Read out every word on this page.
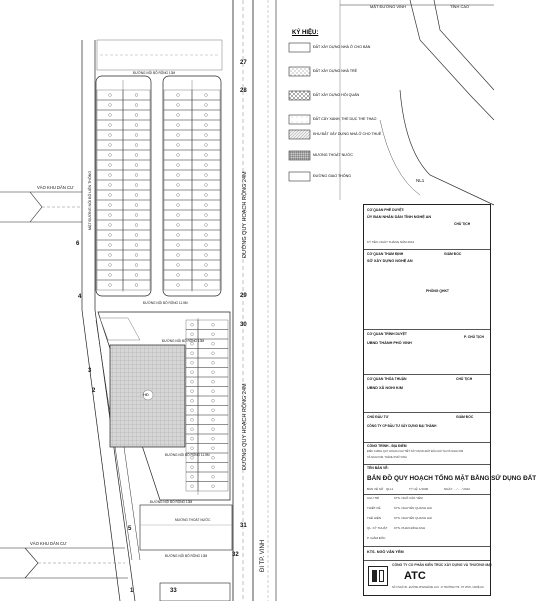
ĐƯỜNG QUY HOẠCH RỘNG 24M
ĐƯỜNG QUY HOẠCH RỘNG 24M
MẶT ĐƯỜNG NỘI BỘ LIÊN THÔNG
VÀO KHU DÂN CƯ
VÀO KHU DÂN CƯ	ĐI TP. VINH
MẶT ĐƯỜNG VINH	TỈNH CAO
ĐƯỜNG NỘI BỘ RỘNG 13M
ĐƯỜNG NỘI BỘ RỘNG 11.5M
ĐƯỜNG NỘI BỘ RỘNG 13M
ĐƯỜNG NỘI BỘ RỘNG 11.5M
ĐƯỜNG NỘI BỘ RỘNG 13M
MƯƠNG THOÁT NƯỚC
ĐƯỜNG NỘI BỘ RỘNG 13M
NL1
HĐ
27
28
29
30
31
32
33
1
2
3
4
5
6
KÝ HIỆU:
ĐẤT XÂY DỰNG NHÀ Ở CHO BÁN
ĐẤT XÂY DỰNG NHÀ TRẺ
ĐẤT XÂY DỰNG HỘI QUÁN
ĐẤT CÂY XANH, THỂ DỤC THỂ THAO
KHU ĐẤT XÂY DỰNG NHÀ Ở CHO THUÊ
MƯƠNG THOÁT NƯỚC
ĐƯỜNG GIAO THÔNG
CƠ QUAN PHÊ DUYỆT:
ỦY BAN NHÂN DÂN TỈNH NGHỆ AN
CHỦ TỊCH
KÝ TÊN, NGÀY THÁNG NĂM 2012
CƠ QUAN THẨM ĐỊNH
SỞ XÂY DỰNG NGHỆ AN
GIÁM ĐỐC
PHÒNG QHKT
CƠ QUAN TRÌNH DUYỆT
UBND THÀNH PHỐ VINH
P. CHỦ TỊCH
CƠ QUAN THỎA THUẬN
UBND XÃ NGHI KIM
CHỦ TỊCH
CHỦ ĐẦU TƯ
CÔNG TY CP ĐẦU TƯ XÂY DỰNG ĐẠI THÀNH
GIÁM ĐỐC
CÔNG TRÌNH - ĐỊA ĐIỂM
ĐIỀU CHỈNH QUY HOẠCH CHI TIẾT XÂY DỰNG ĐẤT ĐẤU GIÁ TẠI XÃ NGHI KIM
XÃ NGHI KIM, THÀNH PHỐ VINH
TÊN BẢN VẼ:
BẢN ĐỒ QUY HOẠCH TỔNG MẶT BẰNG SỬ DỤNG ĐẤT
BẢN VẼ SỐ QH-1	TỶ LỆ: 1/1000	NGÀY ... / ... / 2012
CHỦ TRÌ	KTS. NGÔ VĂN YÊM
THIẾT KẾ	KTS. NGUYỄN QUANG HẢI
THỂ HIỆN	KTS. NGUYỄN QUANG HẢI
QL. KỸ THUẬT KTS. PHAN ĐÌNH ANH
P. GIÁM ĐỐC
KTS. NGÔ VĂN YÊM
CÔNG TY CỔ PHẦN KIẾN TRÚC XÂY DỰNG VÀ THƯƠNG MẠI
ATC
SỐ 3 NGÕ 45 - ĐƯỜNG PHAN ĐĂNG LƯU - P. TRƯỜNG THI - TP VINH - NGHỆ AN
